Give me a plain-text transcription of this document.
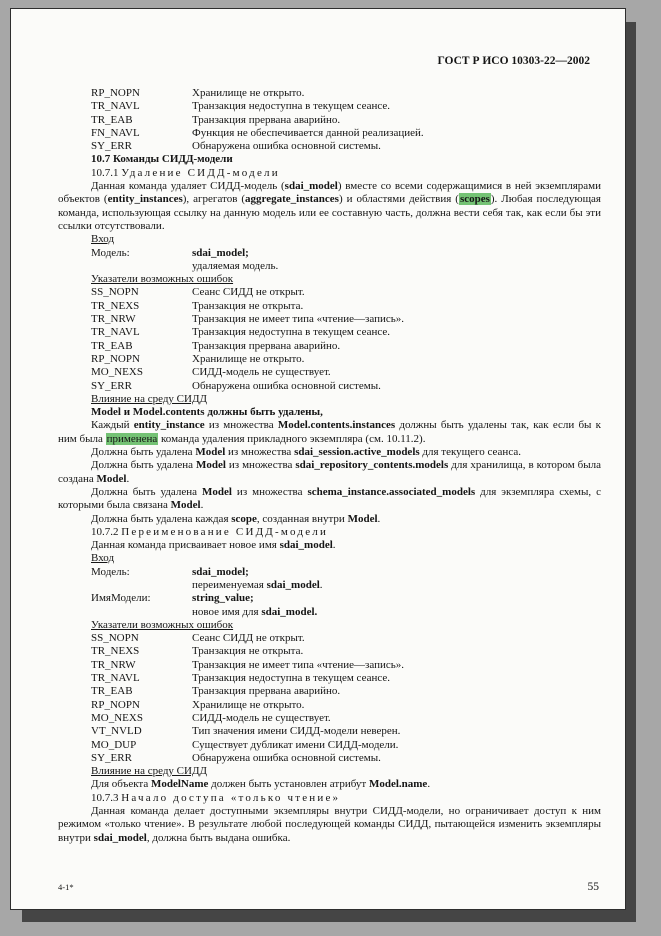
ГОСТ Р ИСО 10303-22—2002
RP_NOPN	Хранилище не открыто.
TR_NAVL	Транзакция недоступна в текущем сеансе.
TR_EAB	Транзакция прервана аварийно.
FN_NAVL	Функция не обеспечивается данной реализацией.
SY_ERR	Обнаружена ошибка основной системы.
10.7 Команды СИДД-модели
10.7.1 Удаление СИДД-модели
Данная команда удаляет СИДД-модель (sdai_model) вместе со всеми содержащимися в ней экземплярами объектов (entity_instances), агрегатов (aggregate_instances) и областями действия (scopes). Любая последующая команда, использующая ссылку на данную модель или ее составную часть, должна вести себя так, как если бы эти ссылки отсутствовали.
Вход
Модель:	sdai_model;
удаляемая модель.
Указатели возможных ошибок
SS_NOPN	Сеанс СИДД не открыт.
TR_NEXS	Транзакция не открыта.
TR_NRW	Транзакция не имеет типа «чтение—запись».
TR_NAVL	Транзакция недоступна в текущем сеансе.
TR_EAB	Транзакция прервана аварийно.
RP_NOPN	Хранилище не открыто.
MO_NEXS	СИДД-модель не существует.
SY_ERR	Обнаружена ошибка основной системы.
Влияние на среду СИДД
Model и Model.contents должны быть удалены,
Каждый entity_instance из множества Model.contents.instances должны быть удалены так, как если бы к ним была применена команда удаления прикладного экземпляра (см. 10.11.2).
Должна быть удалена Model из множества sdai_session.active_models для текущего сеанса.
Должна быть удалена Model из множества sdai_repository_contents.models для хранилища, в котором была создана Model.
Должна быть удалена Model из множества schema_instance.associated_models для экземпляра схемы, с которыми была связана Model.
Должна быть удалена каждая scope, созданная внутри Model.
10.7.2 Переименование СИДД-модели
Данная команда присваивает новое имя sdai_model.
Вход
Модель:	sdai_model;
переименуемая sdai_model.
ИмяМодели:	string_value;
новое имя для sdai_model.
Указатели возможных ошибок
SS_NOPN	Сеанс СИДД не открыт.
TR_NEXS	Транзакция не открыта.
TR_NRW	Транзакция не имеет типа «чтение—запись».
TR_NAVL	Транзакция недоступна в текущем сеансе.
TR_EAB	Транзакция прервана аварийно.
RP_NOPN	Хранилище не открыто.
MO_NEXS	СИДД-модель не существует.
VT_NVLD	Тип значения имени СИДД-модели неверен.
MO_DUP	Существует дубликат имени СИДД-модели.
SY_ERR	Обнаружена ошибка основной системы.
Влияние на среду СИДД
Для объекта ModelName должен быть установлен атрибут Model.name.
10.7.3 Начало доступа «только чтение»
Данная команда делает доступными экземпляры внутри СИДД-модели, но ограничивает доступ к ним режимом «только чтение». В результате любой последующей команды СИДД, пытающейся изменить экземпляры внутри sdai_model, должна быть выдана ошибка.
4-1*	55
